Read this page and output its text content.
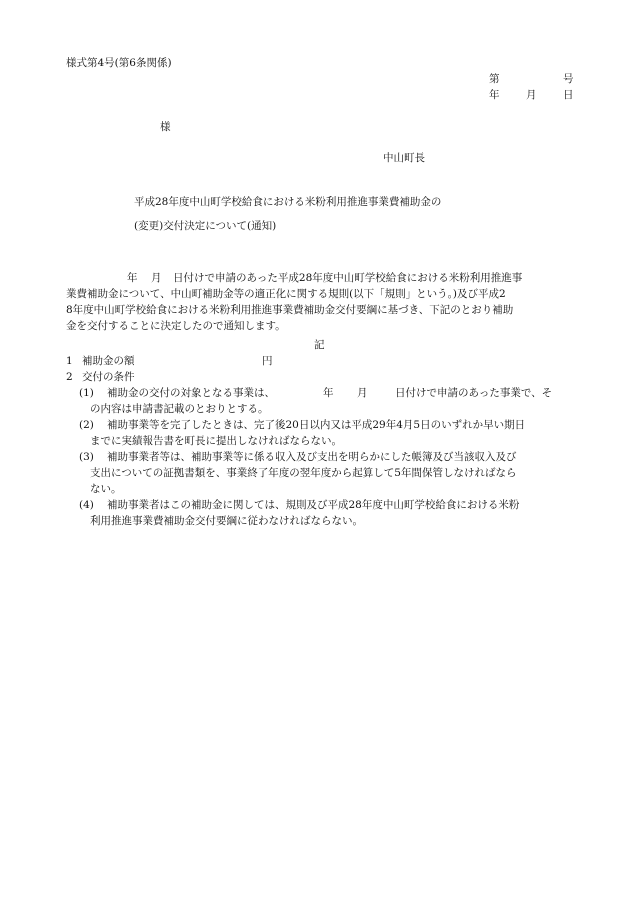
様式第4号(第6条関係)
第	号
年	月	日
様
中山町長
平成28年度中山町学校給食における米粉利用推進事業費補助金の
(変更)交付決定について(通知)
年 月 日付けで申請のあった平成28年度中山町学校給食における米粉利用推進事
業費補助金について、中山町補助金等の適正化に関する規則(以下「規則」という。)及び平成2
8年度中山町学校給食における米粉利用推進事業費補助金交付要綱に基づき、下記のとおり補助
金を交付することに決定したので通知します。
記
1 補助金の額	円
2 交付の条件
(1) 補助金の交付の対象となる事業は、	年 月	日付けで申請のあった事業で、そ
の内容は申請書記載のとおりとする。
(2) 補助事業等を完了したときは、完了後20日以内又は平成29年4月5日のいずれか早い期日
までに実績報告書を町長に提出しなければならない。
(3) 補助事業者等は、補助事業等に係る収入及び支出を明らかにした帳簿及び当該収入及び
支出についての証拠書類を、事業終了年度の翌年度から起算して5年間保管しなければなら
ない。
(4) 補助事業者はこの補助金に関しては、規則及び平成28年度中山町学校給食における米粉
利用推進事業費補助金交付要綱に従わなければならない。
